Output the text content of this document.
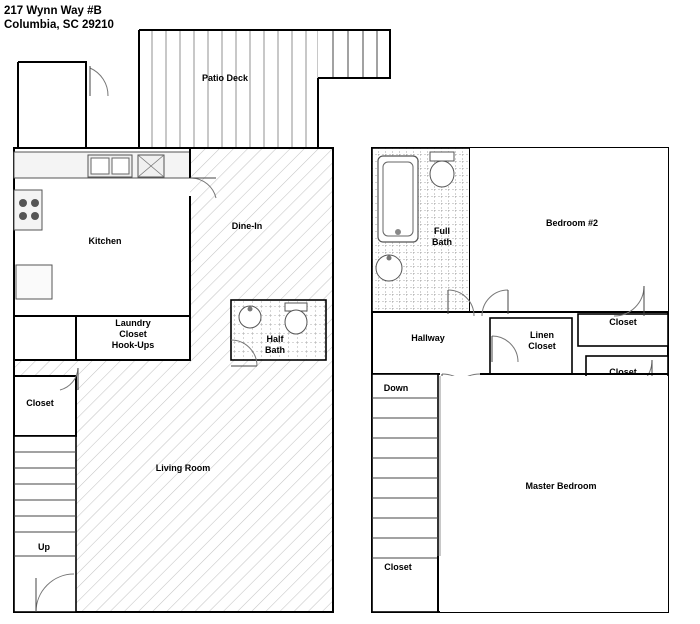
217 Wynn Way #B
Columbia, SC 29210
Patio Deck
Kitchen
Dine-In
Laundry
Closet
Hook-Ups
Half
Bath
Closet
Living Room
Up
Full
Bath
Bedroom #2
Hallway	Linen
Closet
Closet
Closet
Down
Master Bedroom
Closet
